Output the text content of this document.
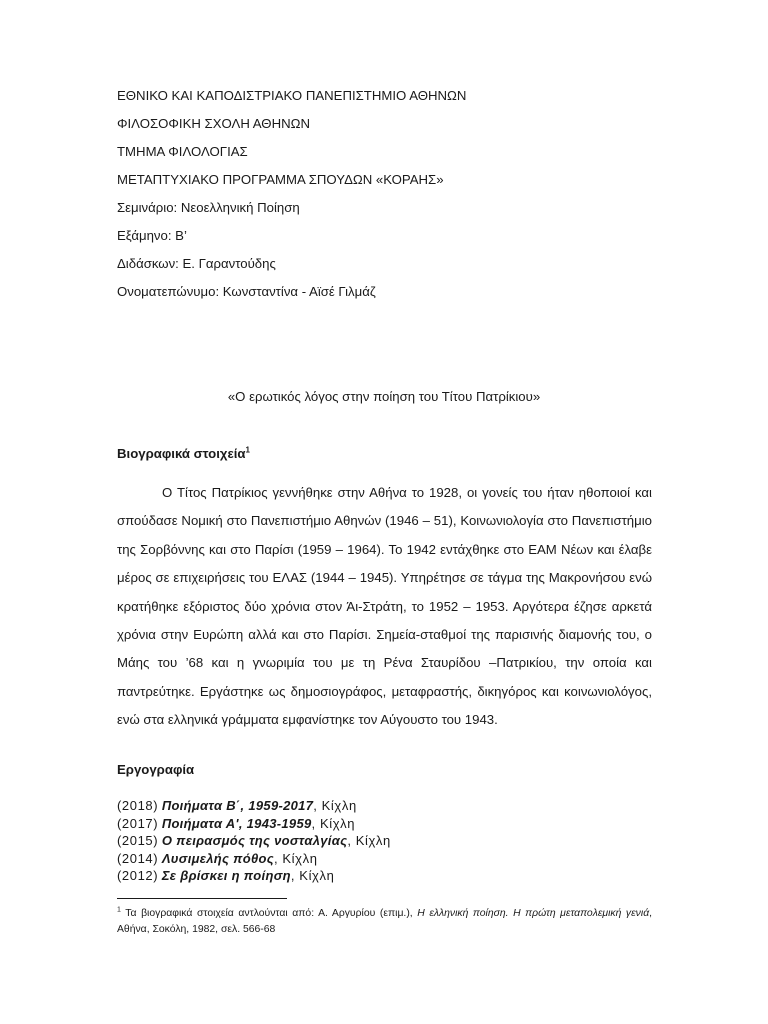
ΕΘΝΙΚΟ ΚΑΙ ΚΑΠΟΔΙΣΤΡΙΑΚΟ ΠΑΝΕΠΙΣΤΗΜΙΟ ΑΘΗΝΩΝ
ΦΙΛΟΣΟΦΙΚΗ ΣΧΟΛΗ ΑΘΗΝΩΝ
ΤΜΗΜΑ ΦΙΛΟΛΟΓΙΑΣ
ΜΕΤΑΠΤΥΧΙΑΚΟ ΠΡΟΓΡΑΜΜΑ ΣΠΟΥΔΩΝ «ΚΟΡΑΗΣ»
Σεμινάριο: Νεοελληνική Ποίηση
Εξάμηνο: Β’
Διδάσκων: Ε. Γαραντούδης
Ονοματεπώνυμο: Κωνσταντίνα - Αϊσέ Γιλμάζ
«Ο ερωτικός λόγος στην ποίηση του Τίτου Πατρίκιου»
Βιογραφικά στοιχεία$^1$

Ο Τίτος Πατρίκιος γεννήθηκε στην Αθήνα το 1928, οι γονείς του ήταν ηθοποιοί και σπούδασε Νομική στο Πανεπιστήμιο Αθηνών (1946 – 51), Κοινωνιολογία στο Πανεπιστήμιο της Σορβόννης και στο Παρίσι (1959 – 1964). Το 1942 εντάχθηκε στο ΕΑΜ Νέων και έλαβε μέρος σε επιχειρήσεις του ΕΛΑΣ (1944 – 1945). Υπηρέτησε σε τάγμα της Μακρονήσου ενώ κρατήθηκε εξόριστος δύο χρόνια στον Άι-Στράτη, το 1952 – 1953. Αργότερα έζησε αρκετά χρόνια στην Ευρώπη αλλά και στο Παρίσι. Σημεία-σταθμοί της παρισινής διαμονής του, ο Μάης του ’68 και η γνωριμία του με τη Ρένα Σταυρίδου –Πατρικίου, την οποία και παντρεύτηκε. Εργάστηκε ως δημοσιογράφος, μεταφραστής, δικηγόρος και κοινωνιολόγος, ενώ στα ελληνικά γράμματα εμφανίστηκε τον Αύγουστο του 1943.

Εργογραφία
(2018) Ποιήματα Β΄, 1959-2017, Κίχλη
(2017) Ποιήματα Α', 1943-1959, Κίχλη
(2015) Ο πειρασμός της νοσταλγίας, Κίχλη
(2014) Λυσιμελής πόθος, Κίχλη
(2012) Σε βρίσκει η ποίηση, Κίχλη

$^1$ Τα βιογραφικά στοιχεία αντλούνται από: Α. Αργυρίου (επιμ.), Η ελληνική ποίηση. Η πρώτη μεταπολεμική γενιά, Αθήνα, Σοκόλη, 1982, σελ. 566-68
